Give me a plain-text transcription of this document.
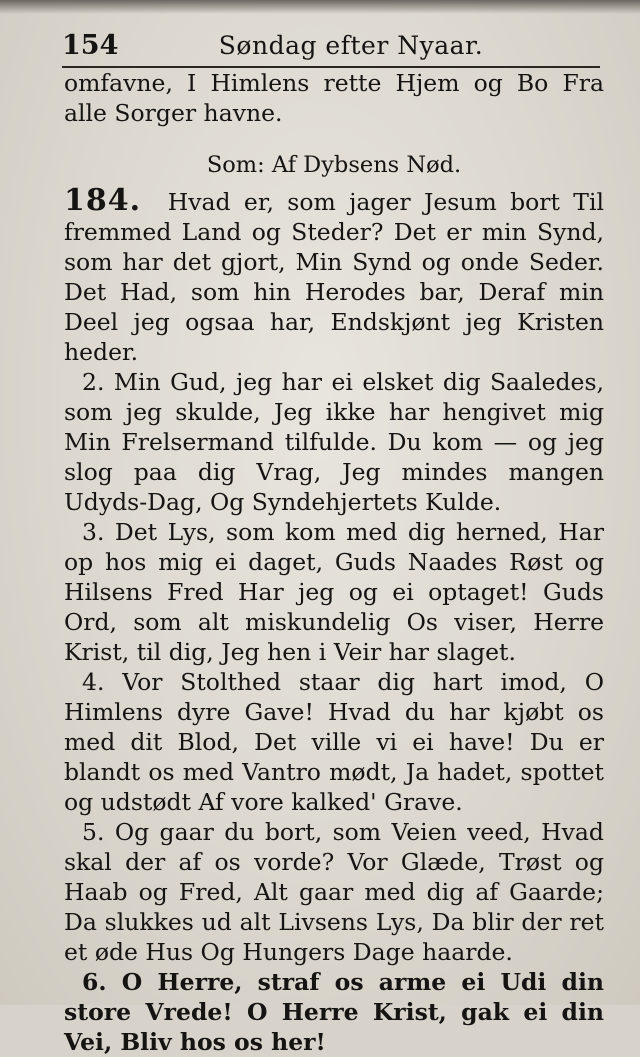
154	Søndag efter Nyaar.

omfavne, I Himlens rette Hjem og Bo Fra alle Sorger havne.

Som: Af Dybsens Nød.

184. Hvad er, som jager Jesum bort Til fremmed Land og Steder? Det er min Synd, som har det gjort, Min Synd og onde Seder. Det Had, som hin Herodes bar, Deraf min Deel jeg ogsaa har, Endskjønt jeg Kristen heder.

2. Min Gud, jeg har ei elsket dig Saaledes, som jeg skulde, Jeg ikke har hengivet mig Min Frelsermand tilfulde. Du kom — og jeg slog paa dig Vrag, Jeg mindes mangen Udyds-Dag, Og Syndehjertets Kulde.

3. Det Lys, som kom med dig herned, Har op hos mig ei daget, Guds Naades Røst og Hilsens Fred Har jeg og ei optaget! Guds Ord, som alt miskundelig Os viser, Herre Krist, til dig, Jeg hen i Veir har slaget.

4. Vor Stolthed staar dig hart imod, O Himlens dyre Gave! Hvad du har kjøbt os med dit Blod, Det ville vi ei have! Du er blandt os med Vantro mødt, Ja hadet, spottet og udstødt Af vore kalked' Grave.

5. Og gaar du bort, som Veien veed, Hvad skal der af os vorde? Vor Glæde, Trøst og Haab og Fred, Alt gaar med dig af Gaarde; Da slukkes ud alt Livsens Lys, Da blir der ret et øde Hus Og Hungers Dage haarde.

6. O Herre, straf os arme ei Udi din store Vrede! O Herre Krist, gak ei din Vei, Bliv hos os her!
